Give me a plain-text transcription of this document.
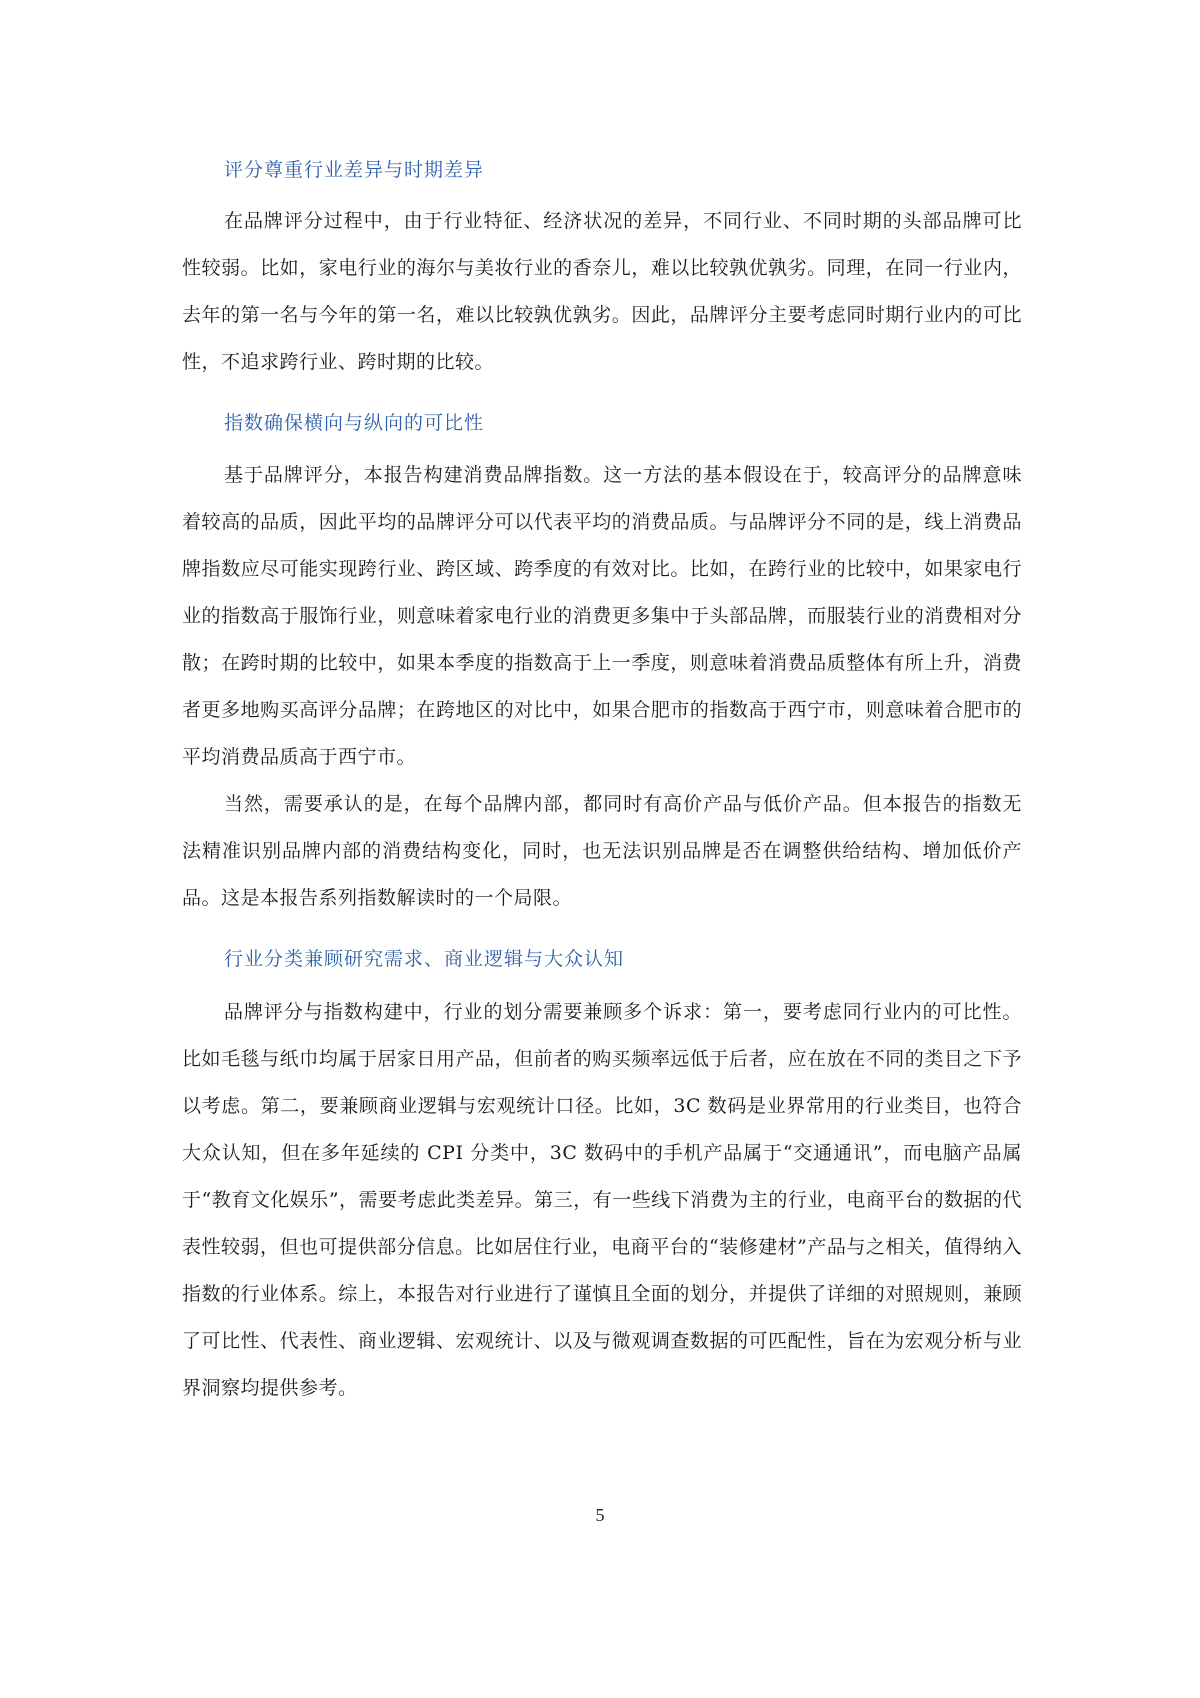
评分尊重行业差异与时期差异

在品牌评分过程中，由于行业特征、经济状况的差异，不同行业、不同时期的头部品牌可比性较弱。比如，家电行业的海尔与美妆行业的香奈儿，难以比较孰优孰劣。同理，在同一行业内，去年的第一名与今年的第一名，难以比较孰优孰劣。因此，品牌评分主要考虑同时期行业内的可比性，不追求跨行业、跨时期的比较。

指数确保横向与纵向的可比性

基于品牌评分，本报告构建消费品牌指数。这一方法的基本假设在于，较高评分的品牌意味着较高的品质，因此平均的品牌评分可以代表平均的消费品质。与品牌评分不同的是，线上消费品牌指数应尽可能实现跨行业、跨区域、跨季度的有效对比。比如，在跨行业的比较中，如果家电行业的指数高于服饰行业，则意味着家电行业的消费更多集中于头部品牌，而服装行业的消费相对分散；在跨时期的比较中，如果本季度的指数高于上一季度，则意味着消费品质整体有所上升，消费者更多地购买高评分品牌；在跨地区的对比中，如果合肥市的指数高于西宁市，则意味着合肥市的平均消费品质高于西宁市。

当然，需要承认的是，在每个品牌内部，都同时有高价产品与低价产品。但本报告的指数无法精准识别品牌内部的消费结构变化，同时，也无法识别品牌是否在调整供给结构、增加低价产品。这是本报告系列指数解读时的一个局限。

行业分类兼顾研究需求、商业逻辑与大众认知

品牌评分与指数构建中，行业的划分需要兼顾多个诉求：第一，要考虑同行业内的可比性。比如毛毯与纸巾均属于居家日用产品，但前者的购买频率远低于后者，应在放在不同的类目之下予以考虑。第二，要兼顾商业逻辑与宏观统计口径。比如，3C 数码是业界常用的行业类目，也符合大众认知，但在多年延续的 CPI 分类中，3C 数码中的手机产品属于“交通通讯”，而电脑产品属于“教育文化娱乐”，需要考虑此类差异。第三，有一些线下消费为主的行业，电商平台的数据的代表性较弱，但也可提供部分信息。比如居住行业，电商平台的“装修建材”产品与之相关，值得纳入指数的行业体系。综上，本报告对行业进行了谨慎且全面的划分，并提供了详细的对照规则，兼顾了可比性、代表性、商业逻辑、宏观统计、以及与微观调查数据的可匹配性，旨在为宏观分析与业界洞察均提供参考。

5
